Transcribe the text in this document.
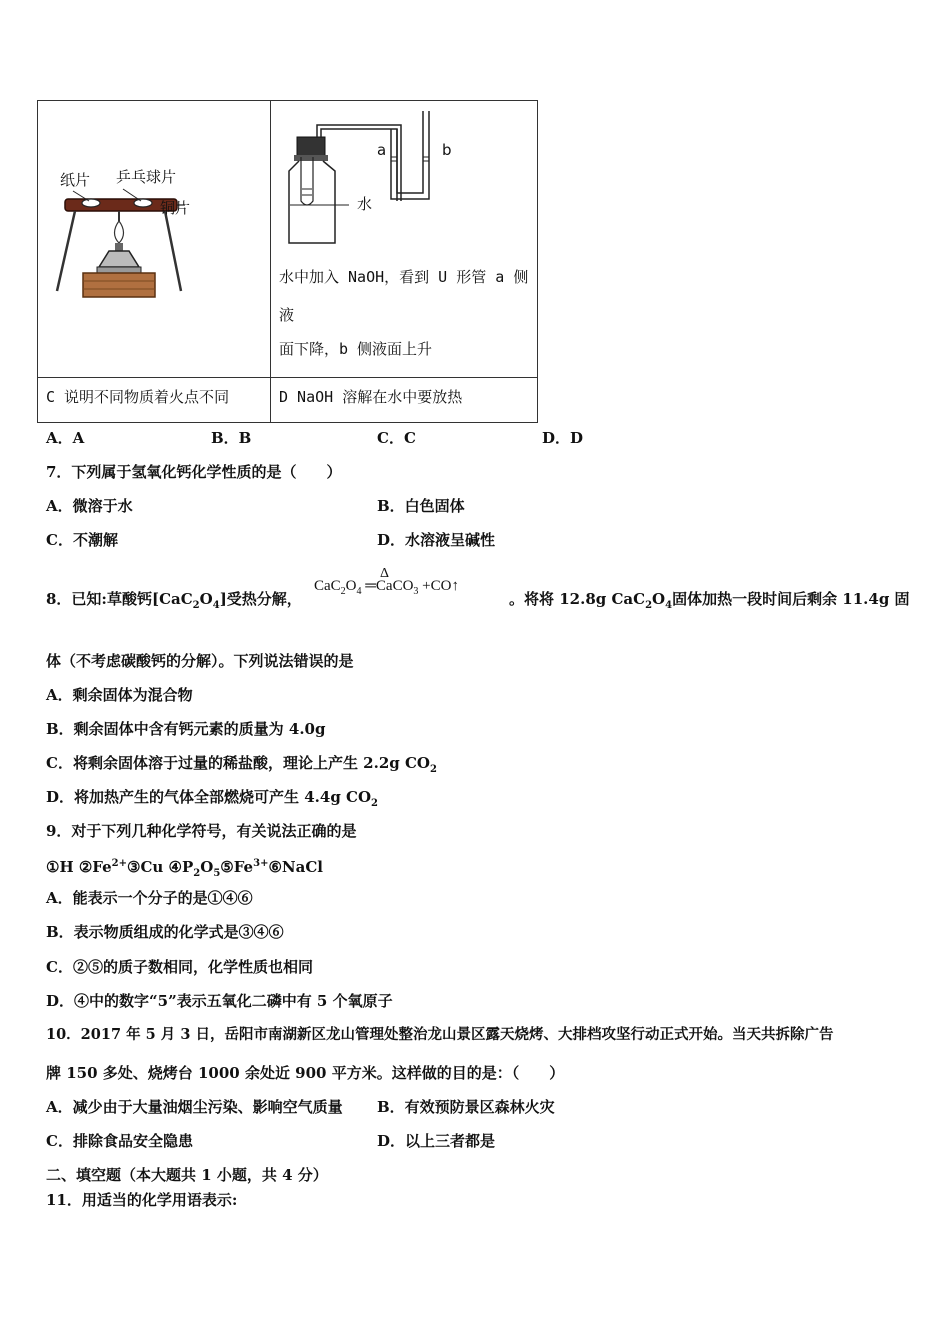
纸片 乒乓球片
铜片
a	b
水
水中加入 NaOH，看到 U 形管 a 侧
液
面下降，b 侧液面上升
C 说明不同物质着火点不同	D NaOH 溶解在水中要放热
A．A	B．B	C．C	D．D
7．下列属于氢氧化钙化学性质的是（　　）
A．微溶于水	B．白色固体
C．不潮解	D．水溶液呈碱性
8．已知:草酸钙$[CaC_2O_4]$受热分解，
Δ
$CaC_2O_4$ ═CaCO$_3$ +CO↑
。将将 12.8g $CaC_2O_4$固体加热一段时间后剩余 11.4g 固
体（不考虑碳酸钙的分解）。下列说法错误的是
A．剩余固体为混合物
B．剩余固体中含有钙元素的质量为 4.0g
C．将剩余固体溶于过量的稀盐酸，理论上产生 2.2g $CO_2$
D．将加热产生的气体全部燃烧可产生 4.4g $CO_2$
9．对于下列几种化学符号，有关说法正确的是
①H $②Fe^{2+}③Cu$ $④P_2O_5⑤Fe^{3+}⑥NaCl$
A．能表示一个分子的是①④⑥
B．表示物质组成的化学式是③④⑥
C．②⑤的质子数相同，化学性质也相同
D．④中的数字“5”表示五氧化二磷中有 5 个氧原子
10．2017 年 5 月 3 日，岳阳市南湖新区龙山管理处整治龙山景区露天烧烤、大排档攻坚行动正式开始。当天共拆除广告
牌 150 多处、烧烤台 1000 余处近 900 平方米。这样做的目的是：（　　）
A．减少由于大量油烟尘污染、影响空气质量 B．有效预防景区森林火灾
C．排除食品安全隐患	D．以上三者都是
二、填空题（本大题共 1 小题，共 4 分）
11．用适当的化学用语表示:
